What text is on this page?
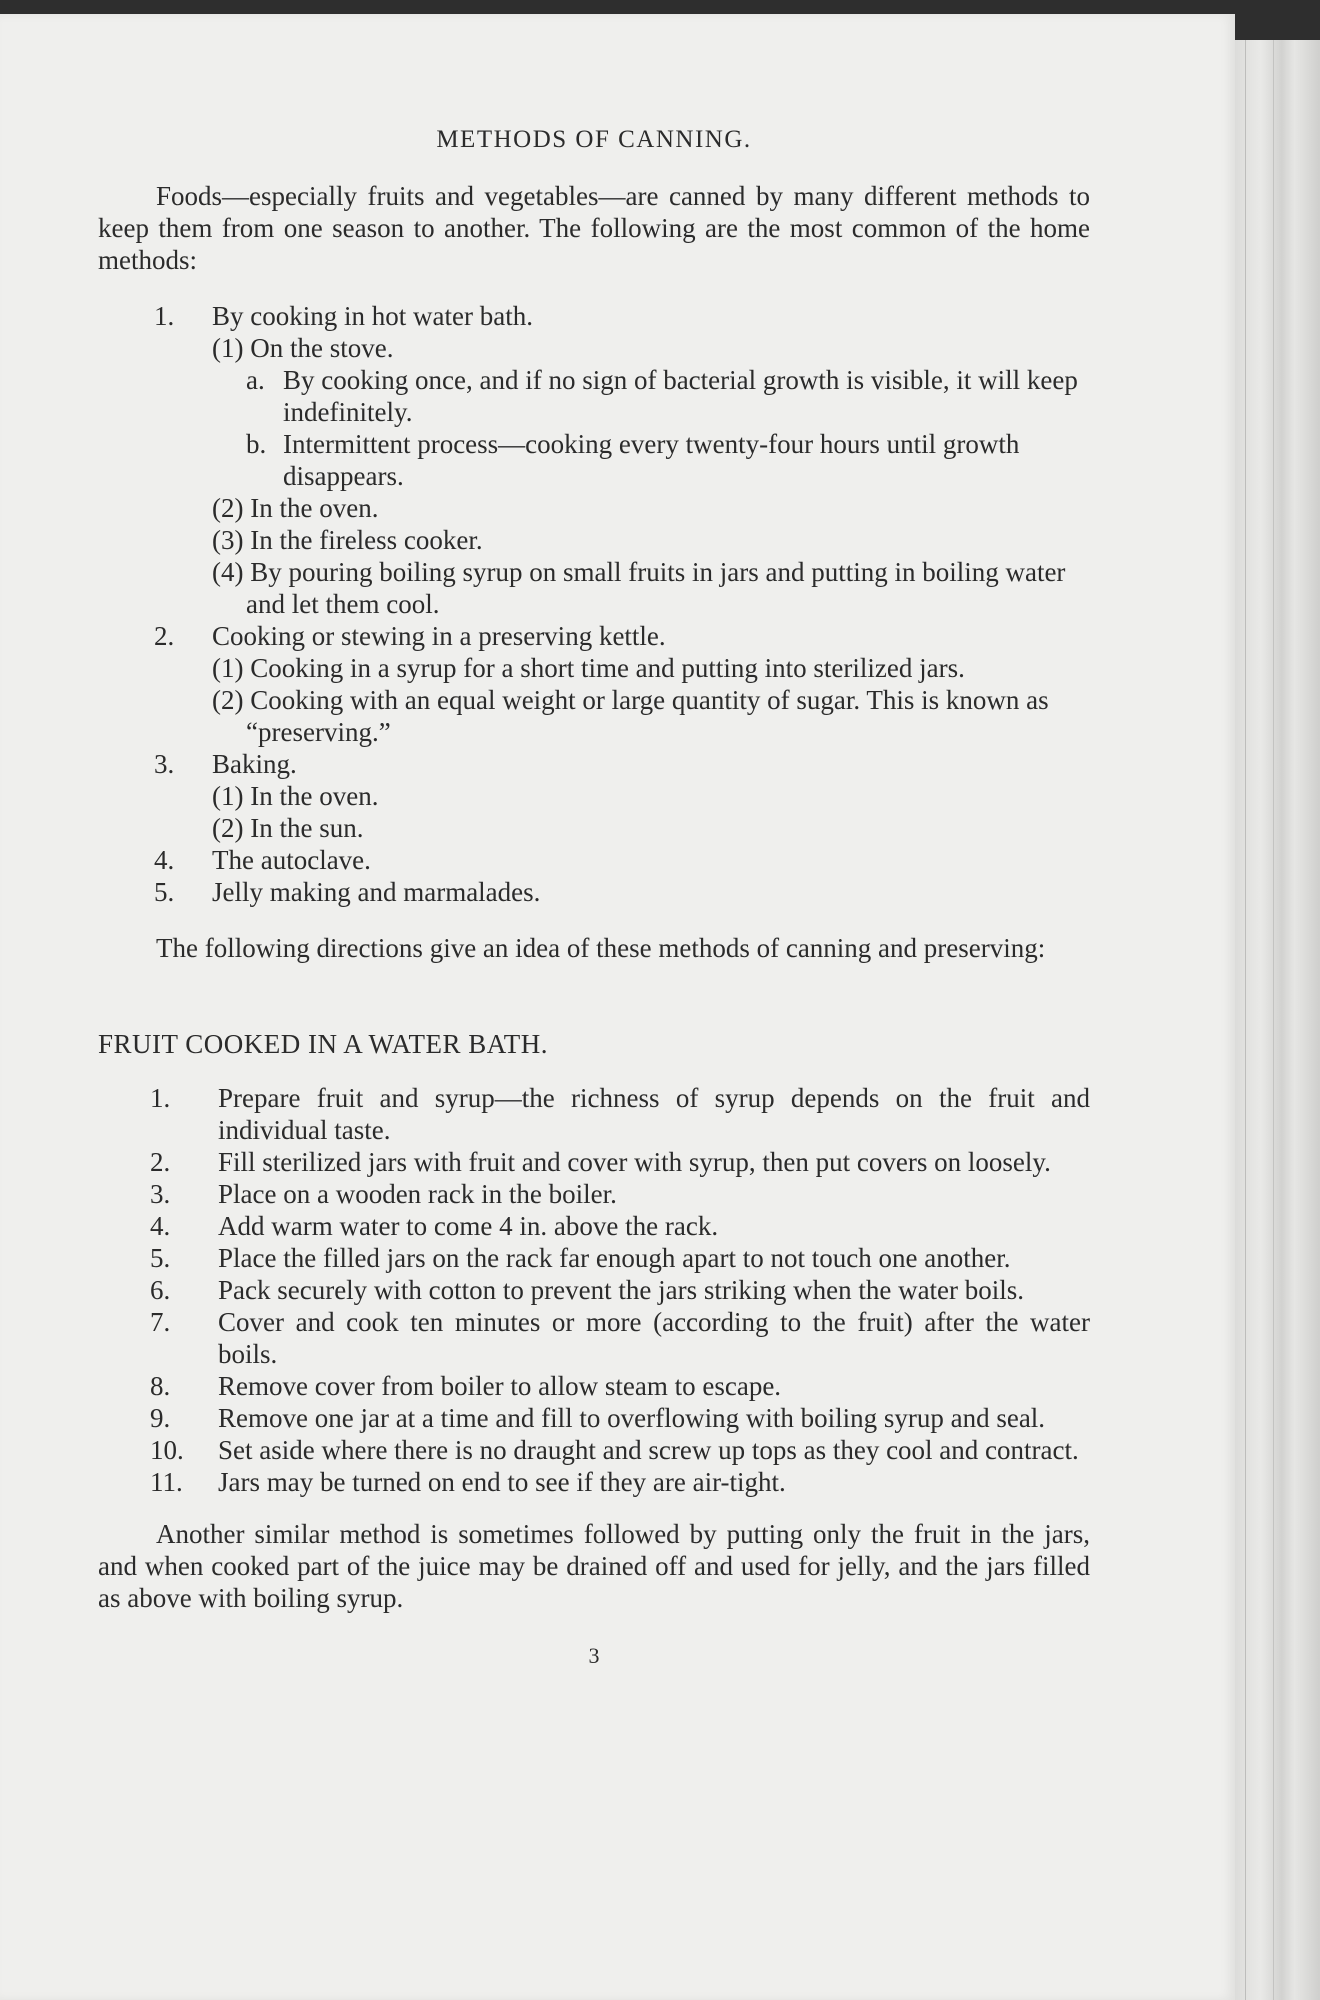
METHODS OF CANNING.

Foods—especially fruits and vegetables—are canned by many different methods to keep them from one season to another. The following are the most common of the home methods:

1. By cooking in hot water bath.
(1) On the stove.
a. By cooking once, and if no sign of bacterial growth is visible, it will keep indefinitely.
b. Intermittent process—cooking every twenty-four hours until growth disappears.
(2) In the oven.
(3) In the fireless cooker.
(4) By pouring boiling syrup on small fruits in jars and putting in boiling water and let them cool.
2. Cooking or stewing in a preserving kettle.
(1) Cooking in a syrup for a short time and putting into sterilized jars.
(2) Cooking with an equal weight or large quantity of sugar. This is known as “preserving.”
3. Baking.
(1) In the oven.
(2) In the sun.
4. The autoclave.
5. Jelly making and marmalades.

The following directions give an idea of these methods of canning and preserving:

FRUIT COOKED IN A WATER BATH.
1.	Prepare fruit and syrup—the richness of syrup depends on the fruit and individual taste.
2.	Fill sterilized jars with fruit and cover with syrup, then put covers on loosely.
3.	Place on a wooden rack in the boiler.
4.	Add warm water to come 4 in. above the rack.
5.	Place the filled jars on the rack far enough apart to not touch one another.
6.	Pack securely with cotton to prevent the jars striking when the water boils.
7.	Cover and cook ten minutes or more (according to the fruit) after the water boils.
8.	Remove cover from boiler to allow steam to escape.
9.	Remove one jar at a time and fill to overflowing with boiling syrup and seal.
10. Set aside where there is no draught and screw up tops as they cool and contract.
11. Jars may be turned on end to see if they are air-tight.

Another similar method is sometimes followed by putting only the fruit in the jars, and when cooked part of the juice may be drained off and used for jelly, and the jars filled as above with boiling syrup.

3
